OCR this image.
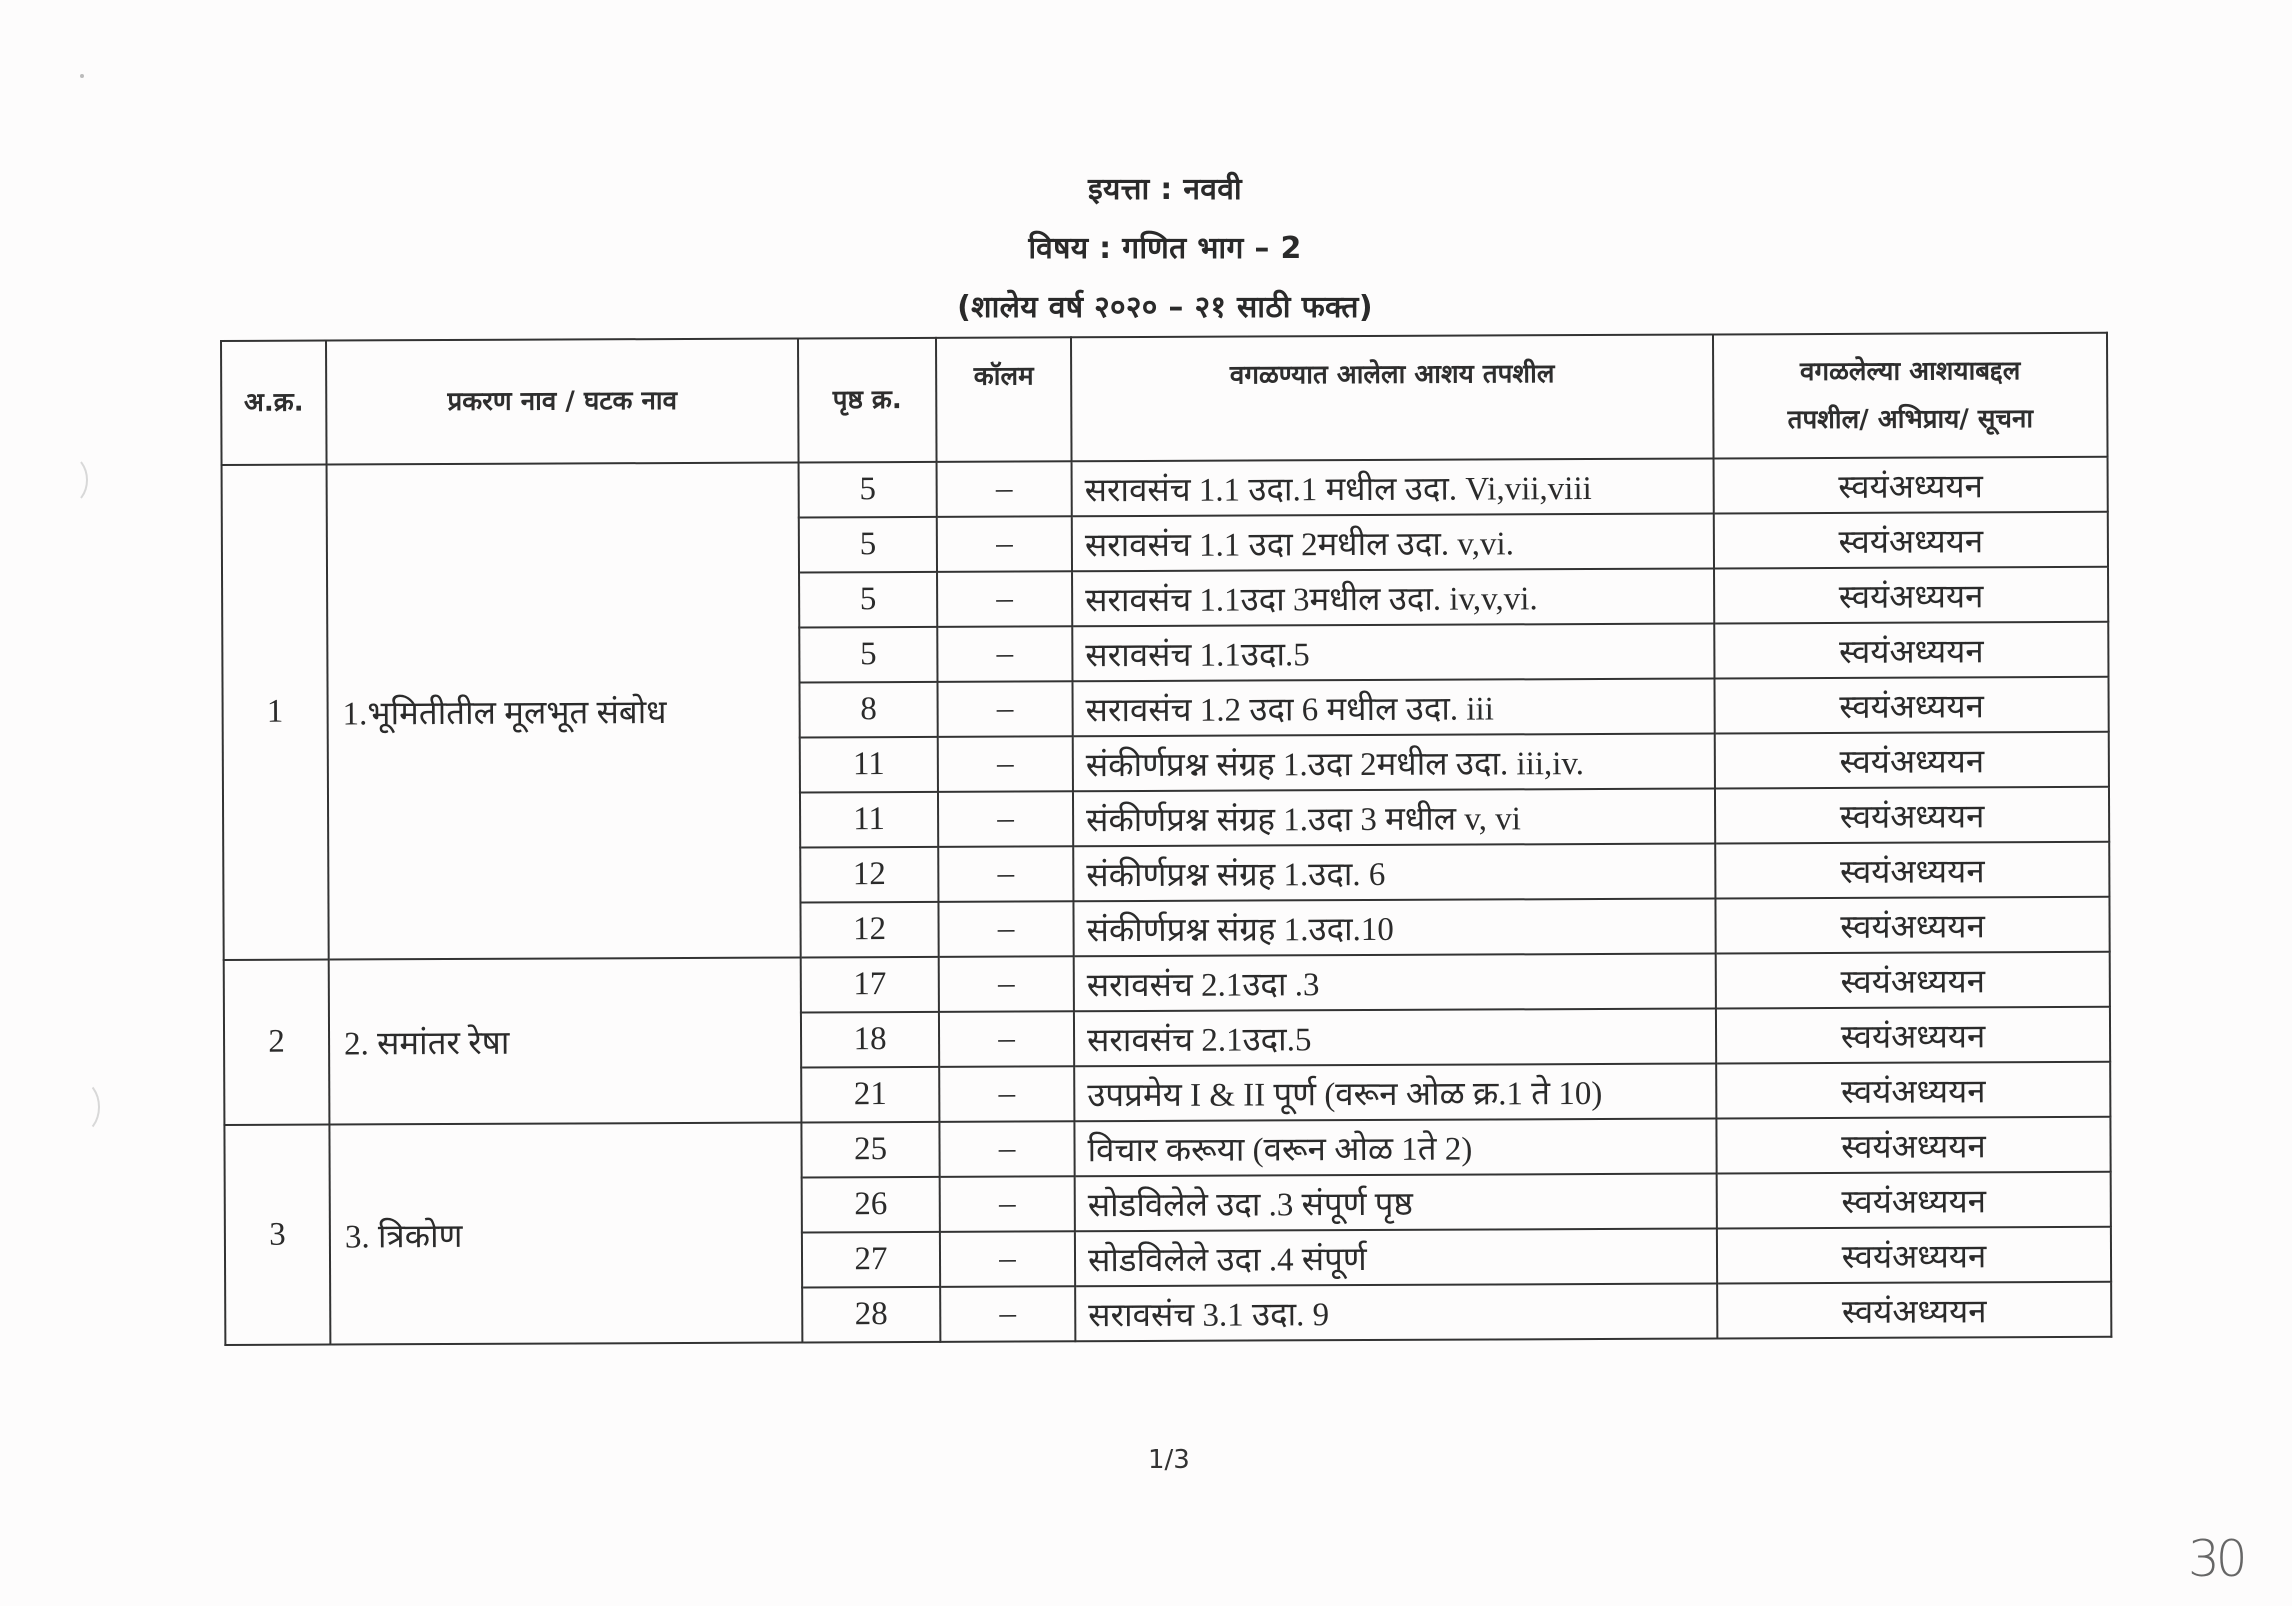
इयत्ता : नववी
विषय : गणित भाग – 2
(शालेय वर्ष २०२० – २१ साठी फक्त)
अ.क्र.	प्रकरण नाव / घटक नाव	पृष्ठ क्र.	कॉलम	वगळण्यात आलेला आशय तपशील	वगळलेल्या आशयाबद्दल
तपशील/ अभिप्राय/ सूचना

1	1.भूमितीतील मूलभूत संबोध	5	–	सरावसंच 1.1 उदा.1 मधील उदा. Vi,vii,viii	स्वयंअध्ययन
		5	–	सरावसंच 1.1 उदा 2मधील उदा. v,vi.	स्वयंअध्ययन
		5	–	सरावसंच 1.1उदा 3मधील उदा. iv,v,vi.	स्वयंअध्ययन
		5	–	सरावसंच 1.1उदा.5	स्वयंअध्ययन
		8	–	सरावसंच 1.2 उदा 6 मधील उदा. iii	स्वयंअध्ययन
		11	–	संकीर्णप्रश्न संग्रह 1.उदा 2मधील उदा. iii,iv.	स्वयंअध्ययन
		11	–	संकीर्णप्रश्न संग्रह 1.उदा 3 मधील v, vi	स्वयंअध्ययन
		12	–	संकीर्णप्रश्न संग्रह 1.उदा. 6	स्वयंअध्ययन
		12	–	संकीर्णप्रश्न संग्रह 1.उदा.10	स्वयंअध्ययन
2	2. समांतर रेषा	17	–	सरावसंच 2.1उदा .3	स्वयंअध्ययन
		18	–	सरावसंच 2.1उदा.5	स्वयंअध्ययन
		21	–	उपप्रमेय I & II पूर्ण (वरून ओळ क्र.1 ते 10)	स्वयंअध्ययन
3	3. त्रिकोण	25	–	विचार करूया (वरून ओळ 1ते 2)	स्वयंअध्ययन
		26	–	सोडविलेले उदा .3 संपूर्ण पृष्ठ	स्वयंअध्ययन
		27	–	सोडविलेले उदा .4 संपूर्ण	स्वयंअध्ययन
		28	–	सरावसंच 3.1 उदा. 9	स्वयंअध्ययन
1/3
30
